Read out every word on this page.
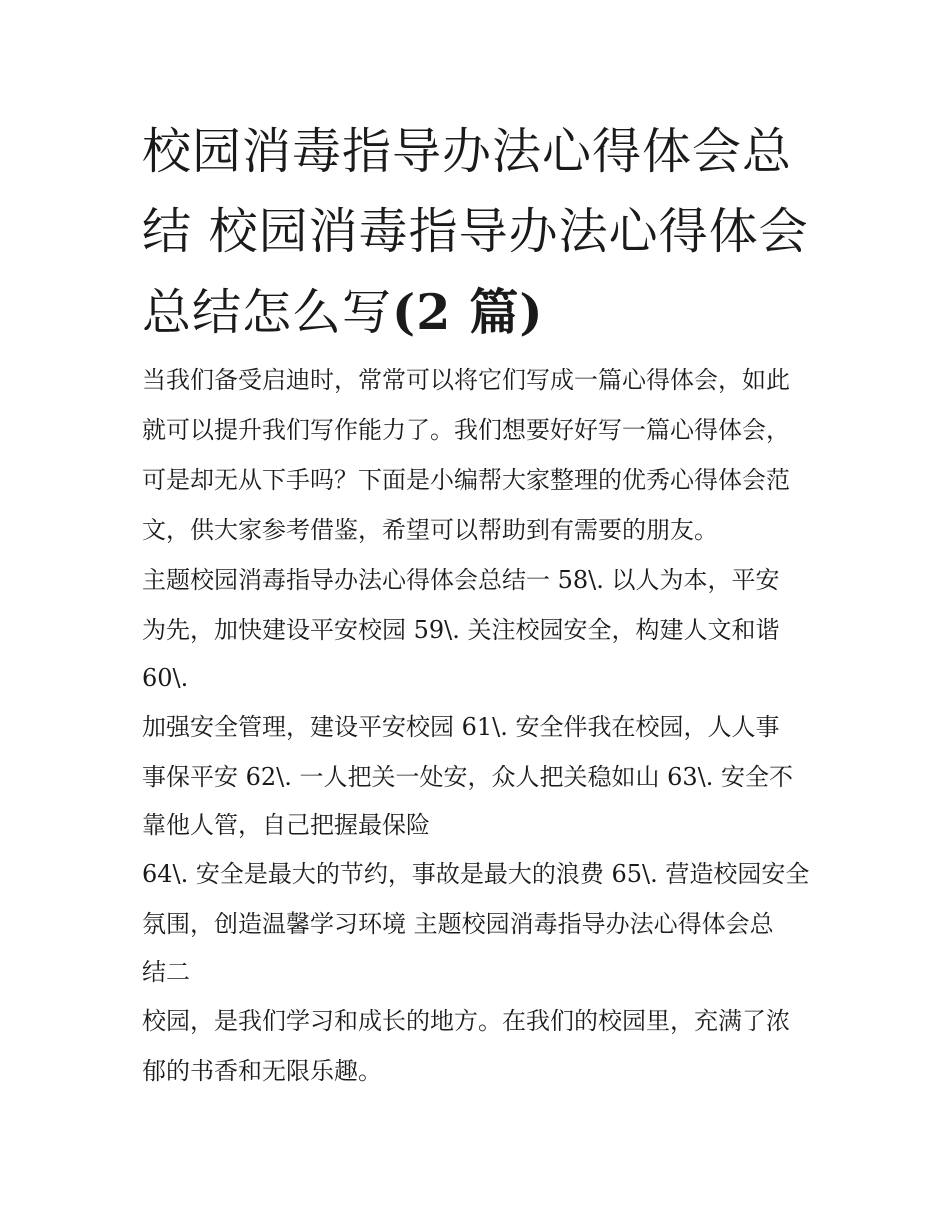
校园消毒指导办法心得体会总
结 校园消毒指导办法心得体会
总结怎么写(2 篇)
当我们备受启迪时，常常可以将它们写成一篇心得体会，如此
就可以提升我们写作能力了。我们想要好好写一篇心得体会，
可是却无从下手吗？下面是小编帮大家整理的优秀心得体会范
文，供大家参考借鉴，希望可以帮助到有需要的朋友。
主题校园消毒指导办法心得体会总结一 58\. 以人为本，平安
为先，加快建设平安校园 59\. 关注校园安全，构建人文和谐
60\.
加强安全管理，建设平安校园 61\. 安全伴我在校园，人人事
事保平安 62\. 一人把关一处安，众人把关稳如山 63\. 安全不
靠他人管，自己把握最保险
64\. 安全是最大的节约，事故是最大的浪费 65\. 营造校园安全
氛围，创造温馨学习环境 主题校园消毒指导办法心得体会总
结二
校园，是我们学习和成长的地方。在我们的校园里，充满了浓
郁的书香和无限乐趣。
